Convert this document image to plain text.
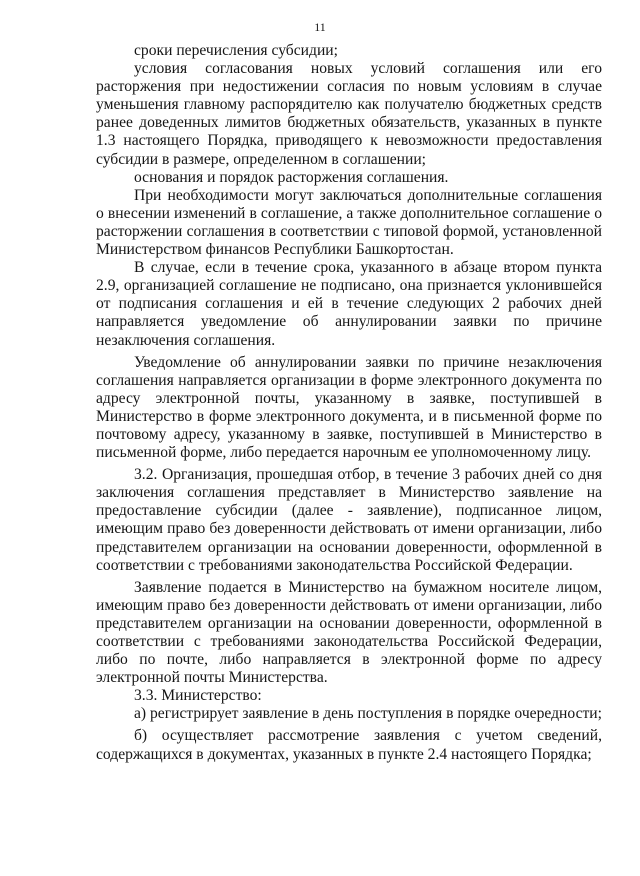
11

сроки перечисления субсидии;

условия согласования новых условий соглашения или его расторжения при недостижении согласия по новым условиям в случае уменьшения главному распорядителю как получателю бюджетных средств ранее доведенных лимитов бюджетных обязательств, указанных в пункте 1.3 настоящего Порядка, приводящего к невозможности предоставления субсидии в размере, определенном в соглашении;

основания и порядок расторжения соглашения.

При необходимости могут заключаться дополнительные соглашения о внесении изменений в соглашение, а также дополнительное соглашение о расторжении соглашения в соответствии с типовой формой, установленной Министерством финансов Республики Башкортостан.

В случае, если в течение срока, указанного в абзаце втором пункта 2.9, организацией соглашение не подписано, она признается уклонившейся от подписания соглашения и ей в течение следующих 2 рабочих дней направляется уведомление об аннулировании заявки по причине незаключения соглашения.

Уведомление об аннулировании заявки по причине незаключения соглашения направляется организации в форме электронного документа по адресу электронной почты, указанному в заявке, поступившей в Министерство в форме электронного документа, и в письменной форме по почтовому адресу, указанному в заявке, поступившей в Министерство в письменной форме, либо передается нарочным ее уполномоченному лицу.

3.2. Организация, прошедшая отбор, в течение 3 рабочих дней со дня заключения соглашения представляет в Министерство заявление на предоставление субсидии (далее - заявление), подписанное лицом, имеющим право без доверенности действовать от имени организации, либо представителем организации на основании доверенности, оформленной в соответствии с требованиями законодательства Российской Федерации.

Заявление подается в Министерство на бумажном носителе лицом, имеющим право без доверенности действовать от имени организации, либо представителем организации на основании доверенности, оформленной в соответствии с требованиями законодательства Российской Федерации, либо по почте, либо направляется в электронной форме по адресу электронной почты Министерства.

3.3. Министерство:

а) регистрирует заявление в день поступления в порядке очередности;

б) осуществляет рассмотрение заявления с учетом сведений, содержащихся в документах, указанных в пункте 2.4 настоящего Порядка;
